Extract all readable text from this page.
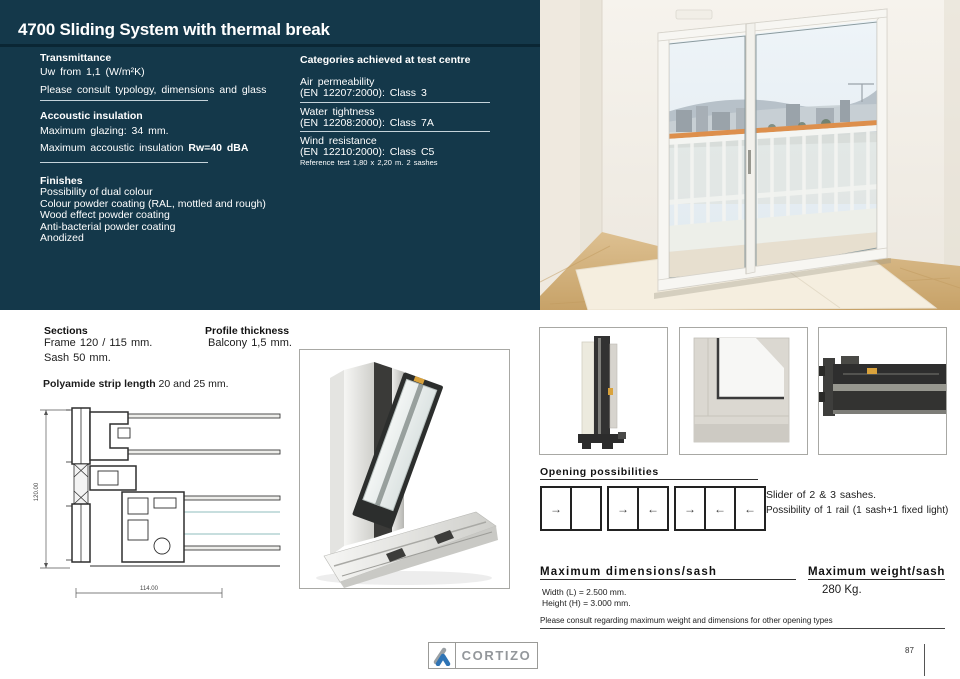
4700 Sliding System with thermal break
Transmittance
Uw from 1,1 (W/m²K)
Please consult typology, dimensions and glass
Accoustic insulation
Maximum glazing: 34 mm.
Maximum accoustic insulation Rw=40 dBA
Finishes
Possibility of dual colour
Colour powder coating (RAL, mottled and rough)
Wood effect powder coating
Anti-bacterial powder coating
Anodized
Categories achieved at test centre
Air permeability
(EN 12207:2000): Class 3
Water tightness
(EN 12208:2000): Class 7A
Wind resistance
(EN 12210:2000): Class C5
Reference test 1,80 x 2,20 m. 2 sashes
Sections
Frame 120 / 115 mm.
Sash 50 mm.
Profile thickness
Balcony 1,5 mm.
Polyamide strip length 20 and 25 mm.
120.00
114.00
Opening possibilities
→	→ ← → ← ←
Slider of 2 & 3 sashes.
Possibility of 1 rail (1 sash+1 fixed light)
Maximum dimensions/sash
Width (L) = 2.500 mm.
Height (H) = 3.000 mm.
Maximum weight/sash
280 Kg.
Please consult regarding maximum weight and dimensions for other opening types
CORTIZO	87
